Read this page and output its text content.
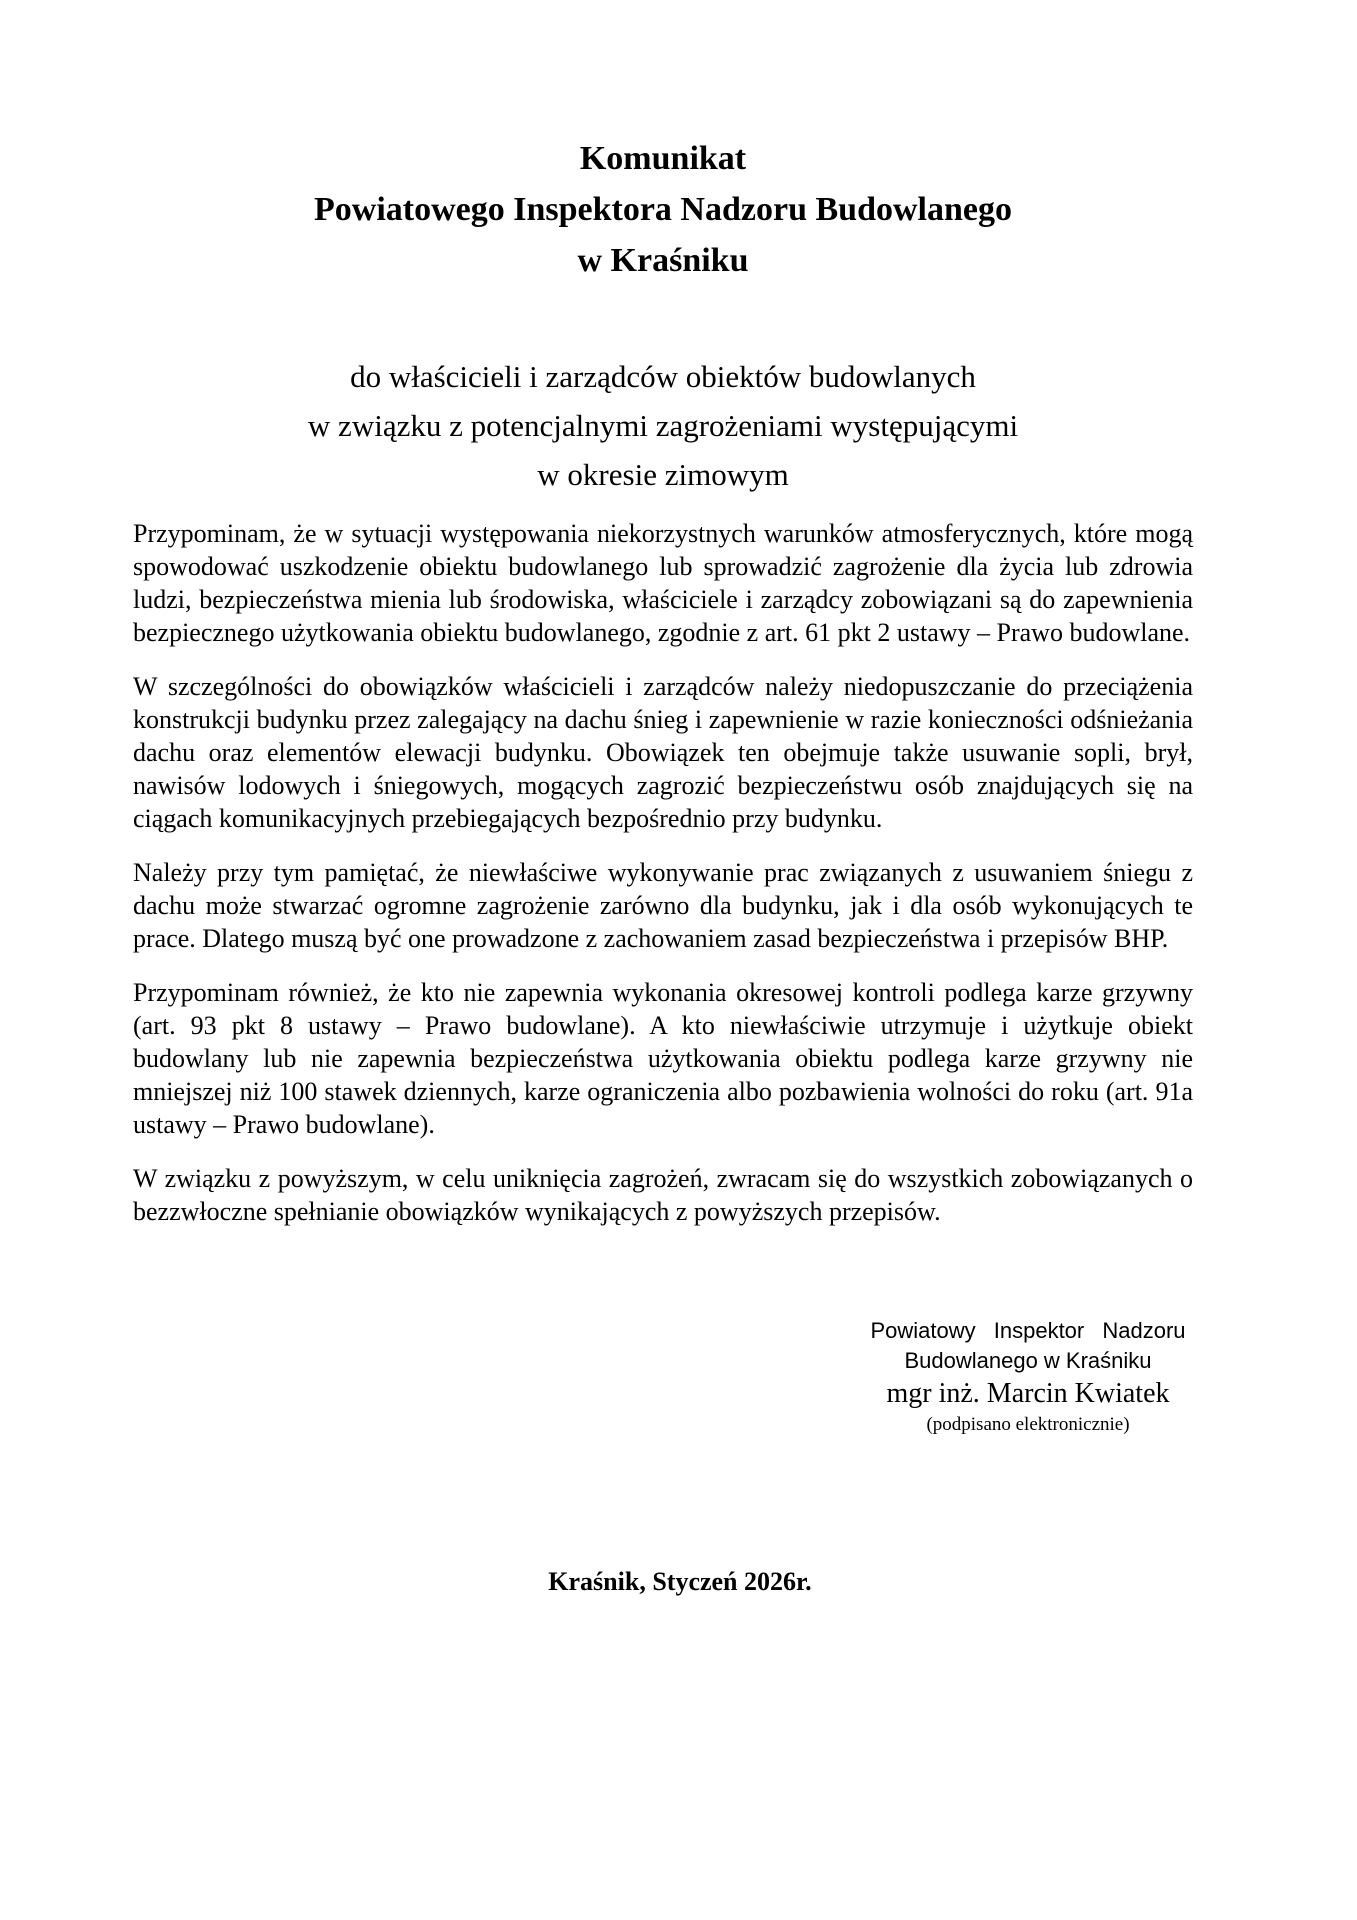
Komunikat
Powiatowego Inspektora Nadzoru Budowlanego
w Kraśniku
do właścicieli i zarządców obiektów budowlanych
w związku z potencjalnymi zagrożeniami występującymi
w okresie zimowym

Przypominam, że w sytuacji występowania niekorzystnych warunków atmosferycznych, które mogą spowodować uszkodzenie obiektu budowlanego lub sprowadzić zagrożenie dla życia lub zdrowia ludzi, bezpieczeństwa mienia lub środowiska, właściciele i zarządcy zobowiązani są do zapewnienia bezpiecznego użytkowania obiektu budowlanego, zgodnie z art. 61 pkt 2 ustawy – Prawo budowlane.

W szczególności do obowiązków właścicieli i zarządców należy niedopuszczanie do przeciążenia konstrukcji budynku przez zalegający na dachu śnieg i zapewnienie w razie konieczności odśnieżania dachu oraz elementów elewacji budynku. Obowiązek ten obejmuje także usuwanie sopli, brył, nawisów lodowych i śniegowych, mogących zagrozić bezpieczeństwu osób znajdujących się na ciągach komunikacyjnych przebiegających bezpośrednio przy budynku.

Należy przy tym pamiętać, że niewłaściwe wykonywanie prac związanych z usuwaniem śniegu z dachu może stwarzać ogromne zagrożenie zarówno dla budynku, jak i dla osób wykonujących te prace. Dlatego muszą być one prowadzone z zachowaniem zasad bezpieczeństwa i przepisów BHP.

Przypominam również, że kto nie zapewnia wykonania okresowej kontroli podlega karze grzywny (art. 93 pkt 8 ustawy – Prawo budowlane). A kto niewłaściwie utrzymuje i użytkuje obiekt budowlany lub nie zapewnia bezpieczeństwa użytkowania obiektu podlega karze grzywny nie mniejszej niż 100 stawek dziennych, karze ograniczenia albo pozbawienia wolności do roku (art. 91a ustawy – Prawo budowlane).

W związku z powyższym, w celu uniknięcia zagrożeń, zwracam się do wszystkich zobowiązanych o bezzwłoczne spełnianie obowiązków wynikających z powyższych przepisów.

Powiatowy Inspektor Nadzoru
Budowlanego w Kraśniku
mgr inż. Marcin Kwiatek
(podpisano elektronicznie)
Kraśnik, Styczeń 2026r.
